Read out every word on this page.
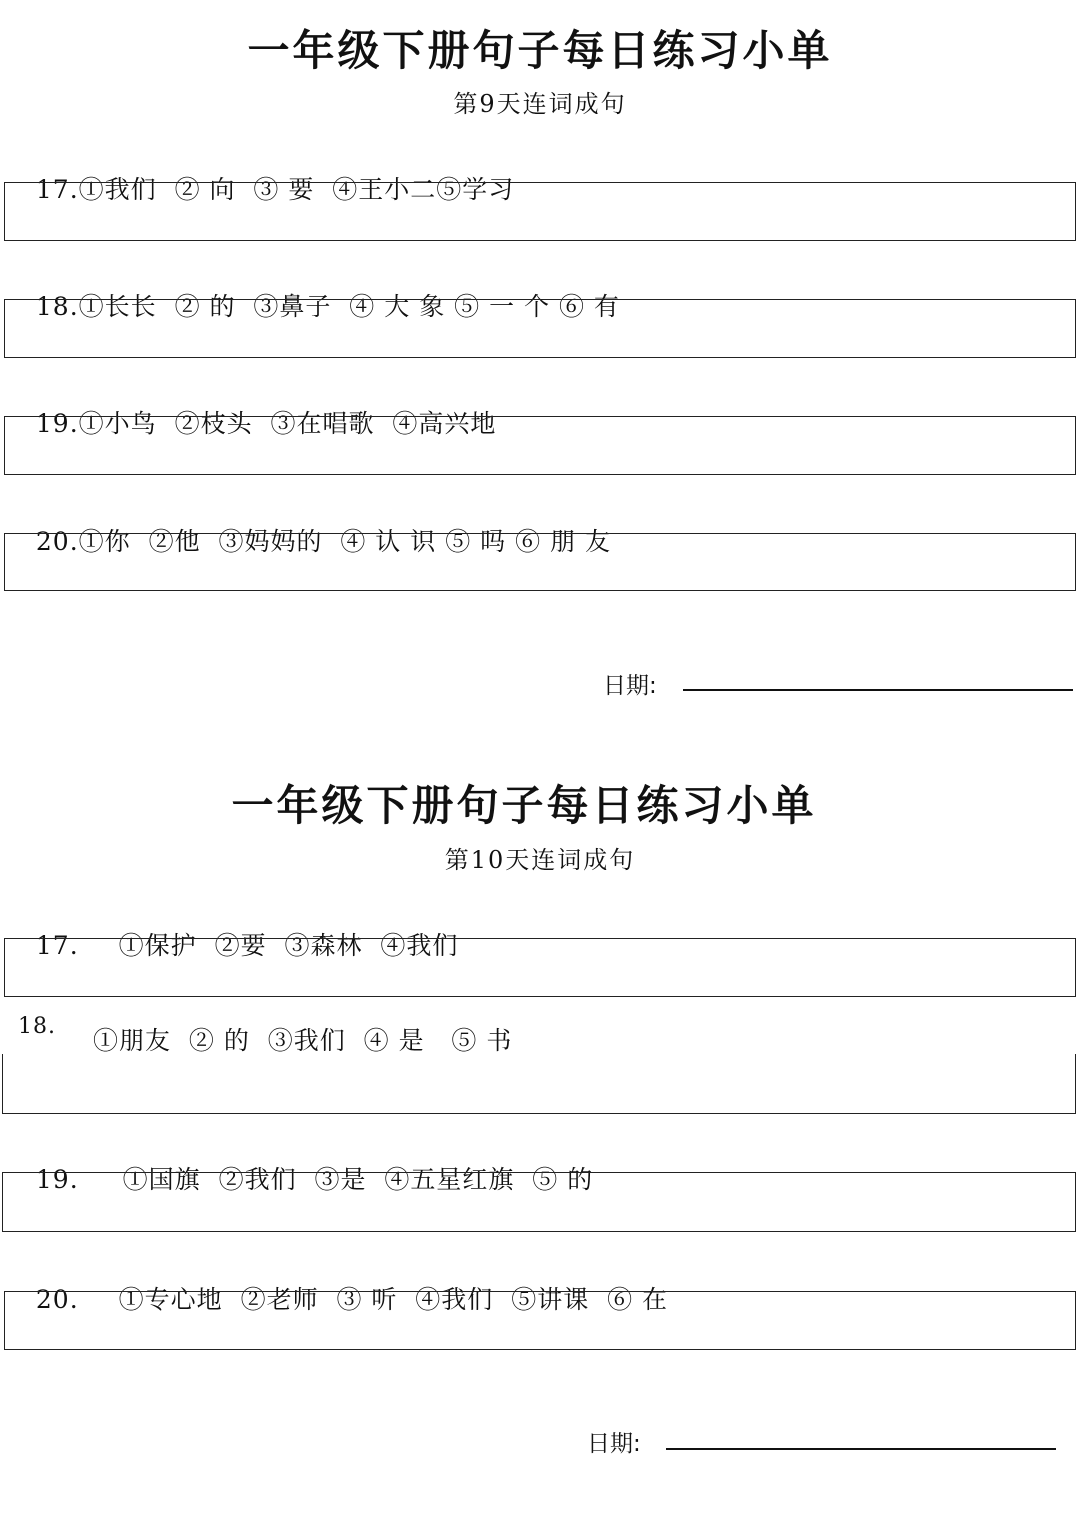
一年级下册句子每日练习小单
第9天连词成句

17.①我们  ② 向  ③ 要  ④王小二⑤学习

18.①长长  ② 的  ③鼻子  ④ 大 象 ⑤ 一 个 ⑥ 有

19.①小鸟  ②枝头  ③在唱歌  ④高兴地

20.①你  ②他  ③妈妈的  ④ 认 识 ⑤ 吗 ⑥ 朋 友

日期:
一年级下册句子每日练习小单
第10天连词成句

17. ①保护  ②要  ③森林  ④我们

18. ①朋友  ② 的  ③我们  ④ 是   ⑤ 书

19. ①国旗  ②我们  ③是  ④五星红旗  ⑤ 的

20. ①专心地  ②老师  ③ 听  ④我们  ⑤讲课  ⑥ 在

日期:
